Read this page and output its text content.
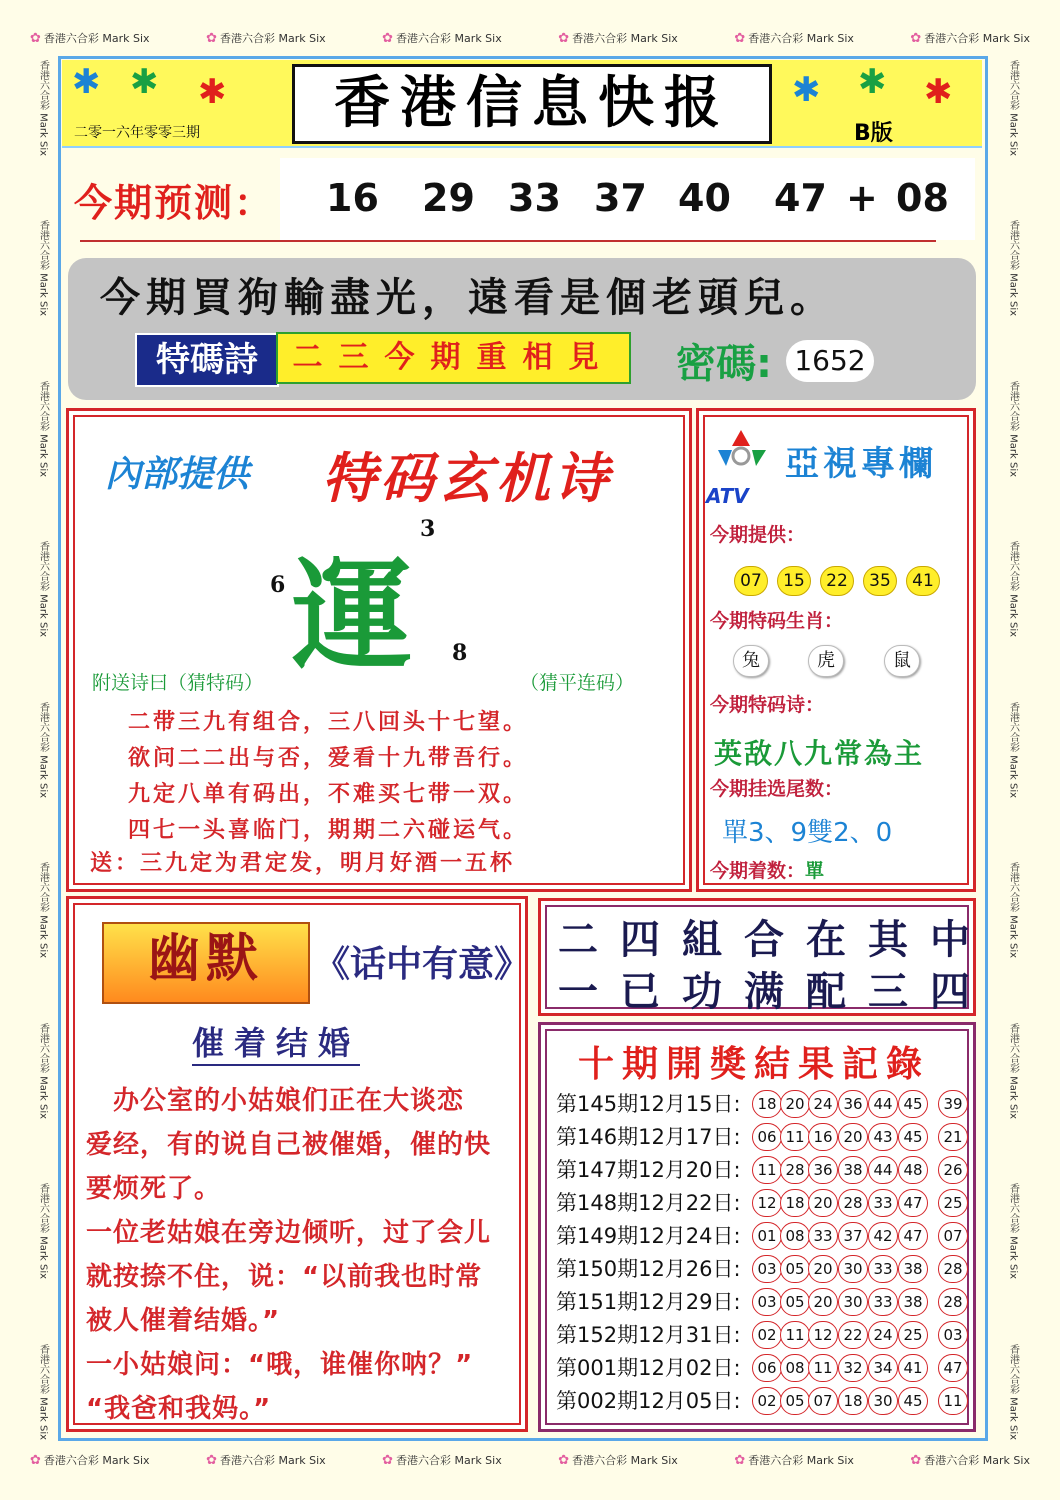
✿ 香港六合彩 Mark Six	✿ 香港六合彩 Mark Six	✿ 香港六合彩 Mark Six	✿ 香港六合彩 Mark Six	✿ 香港六合彩 Mark Six	✿ 香港六合彩 Mark Six
✿ 香港六合彩 Mark Six	✿ 香港六合彩 Mark Six	✿ 香港六合彩 Mark Six	✿ 香港六合彩 Mark Six	✿ 香港六合彩 Mark Six	✿ 香港六合彩 Mark Six
香港六合彩 Mark Six
香港六合彩 Mark Six
香港六合彩 Mark Six
香港六合彩 Mark Six
香港六合彩 Mark Six
香港六合彩 Mark Six
香港六合彩 Mark Six
香港六合彩 Mark Six
香港六合彩 Mark Six
香港六合彩 Mark Six
香港六合彩 Mark Six
香港六合彩 Mark Six
香港六合彩 Mark Six
香港六合彩 Mark Six
香港六合彩 Mark Six
香港六合彩 Mark Six
香港六合彩 Mark Six
香港六合彩 Mark Six
✱ ✱ ✱
二零一六年零零三期	香港信息快报	✱ ✱ ✱
B版
今期预测： 16 29 33 37 40 47 + 08
今期買狗輸盡光，遠看是個老頭兒。
特碼詩	二三今期重相見	密碼: 1652
內部提供 特码玄机诗
運
3
6
8
附送诗曰（猜特码）	（猜平连码）
二带三九有组合，三八回头十七望。
欲问二二出与否，爱看十九带吾行。
九定八单有码出，不难买七带一双。
四七一头喜临门，期期二六碰运气。
送：三九定为君定发，明月好酒一五杯
ATV
亞視專欄
今期提供：
07	15	22	35	41
今期特码生肖：
兔	虎	鼠
今期特码诗：
英敌八九常為主
今期挂选尾数：
單3、9雙2、0
今期着数：單
幽默	《话中有意》
催着结婚
　办公室的小姑娘们正在大谈恋
爱经，有的说自己被催婚，催的快
要烦死了。
一位老姑娘在旁边倾听，过了会儿
就按捺不住，说：“以前我也时常
被人催着结婚。”
一小姑娘问：“哦，谁催你呐？”
“我爸和我妈。”
二四組合在其中
一已功满配三四
十期開獎結果記錄
第145期12月15日:	18 20 24 36 44 45	39
第146期12月17日:	06 11 16 20 43 45	21
第147期12月20日:	11 28 36 38 44 48	26
第148期12月22日:	12 18 20 28 33 47	25
第149期12月24日:	01 08 33 37 42 47	07
第150期12月26日:	03 05 20 30 33 38	28
第151期12月29日:	03 05 20 30 33 38	28
第152期12月31日:	02 11 12 22 24 25	03
第001期12月02日:	06 08 11 32 34 41	47
第002期12月05日:	02 05 07 18 30 45	11
